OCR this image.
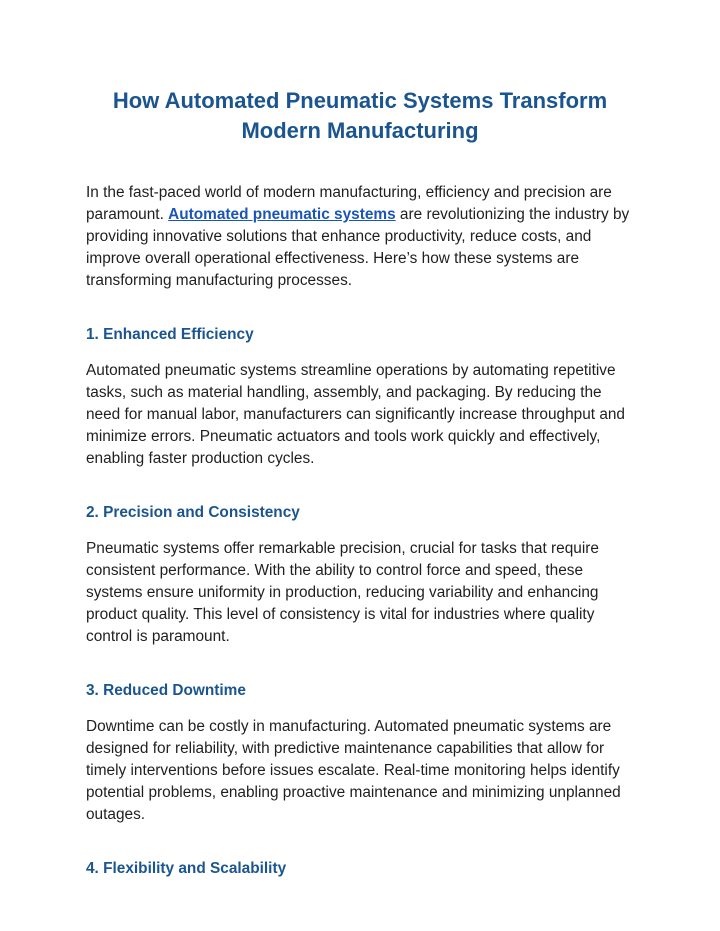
How Automated Pneumatic Systems Transform Modern Manufacturing

In the fast-paced world of modern manufacturing, efficiency and precision are paramount. Automated pneumatic systems are revolutionizing the industry by providing innovative solutions that enhance productivity, reduce costs, and improve overall operational effectiveness. Here’s how these systems are transforming manufacturing processes.

1. Enhanced Efficiency

Automated pneumatic systems streamline operations by automating repetitive tasks, such as material handling, assembly, and packaging. By reducing the need for manual labor, manufacturers can significantly increase throughput and minimize errors. Pneumatic actuators and tools work quickly and effectively, enabling faster production cycles.

2. Precision and Consistency

Pneumatic systems offer remarkable precision, crucial for tasks that require consistent performance. With the ability to control force and speed, these systems ensure uniformity in production, reducing variability and enhancing product quality. This level of consistency is vital for industries where quality control is paramount.

3. Reduced Downtime

Downtime can be costly in manufacturing. Automated pneumatic systems are designed for reliability, with predictive maintenance capabilities that allow for timely interventions before issues escalate. Real-time monitoring helps identify potential problems, enabling proactive maintenance and minimizing unplanned outages.

4. Flexibility and Scalability
